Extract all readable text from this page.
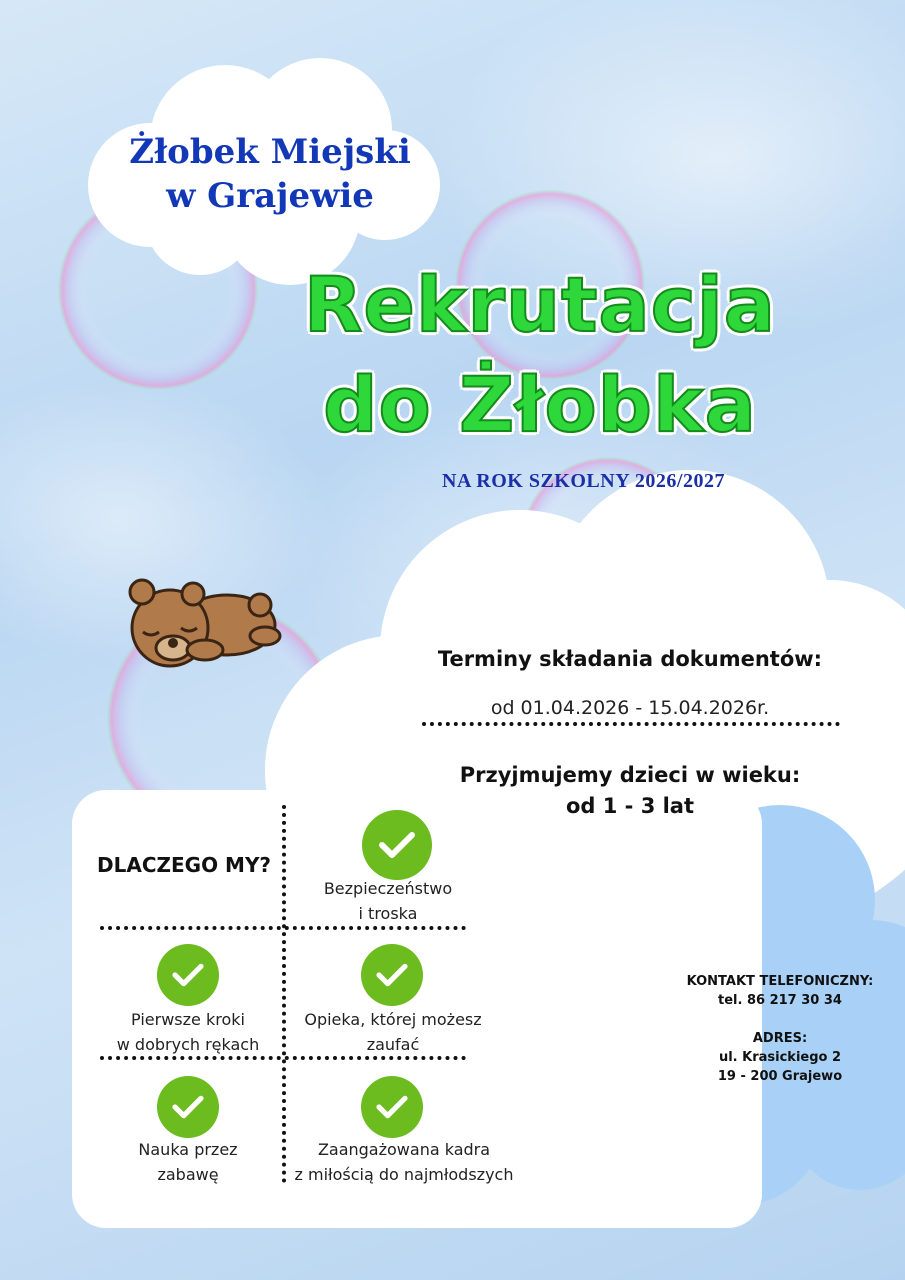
Żłobek Miejski
w Grajewie
Rekrutacja
do Żłobka
NA ROK SZKOLNY 2026/2027
Terminy składania dokumentów:
od 01.04.2026 - 15.04.2026r.
Przyjmujemy dzieci w wieku:
od 1 - 3 lat
DLACZEGO MY?
Bezpieczeństwo
i troska
Pierwsze kroki
w dobrych rękach
Opieka, której możesz
zaufać
Nauka przez
zabawę
Zaangażowana kadra
z miłością do najmłodszych
KONTAKT TELEFONICZNY:
tel. 86 217 30 34
ADRES:
ul. Krasickiego 2
19 - 200 Grajewo
